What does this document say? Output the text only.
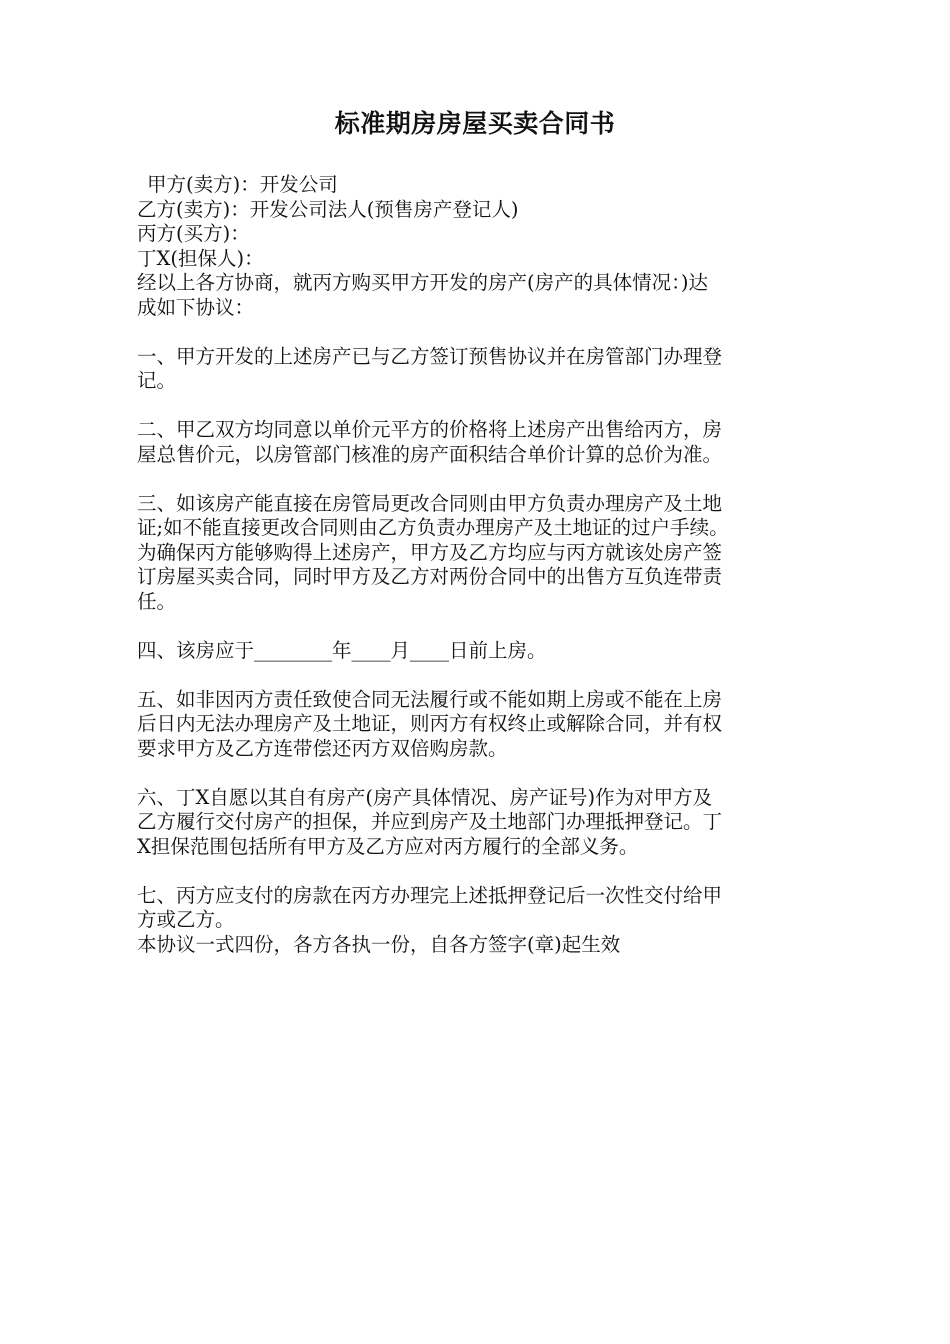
标准期房房屋买卖合同书
甲方(卖方)：开发公司
乙方(卖方)：开发公司法人(预售房产登记人)
丙方(买方)：
丁X(担保人)：
经以上各方协商，就丙方购买甲方开发的房产(房产的具体情况：)达
成如下协议：
一、甲方开发的上述房产已与乙方签订预售协议并在房管部门办理登
记。
二、甲乙双方均同意以单价元平方的价格将上述房产出售给丙方，房
屋总售价元，以房管部门核准的房产面积结合单价计算的总价为准。
三、如该房产能直接在房管局更改合同则由甲方负责办理房产及土地
证;如不能直接更改合同则由乙方负责办理房产及土地证的过户手续。
为确保丙方能够购得上述房产，甲方及乙方均应与丙方就该处房产签
订房屋买卖合同，同时甲方及乙方对两份合同中的出售方互负连带责
任。
四、该房应于________年____月____日前上房。
五、如非因丙方责任致使合同无法履行或不能如期上房或不能在上房
后日内无法办理房产及土地证，则丙方有权终止或解除合同，并有权
要求甲方及乙方连带偿还丙方双倍购房款。
六、丁X自愿以其自有房产(房产具体情况、房产证号)作为对甲方及
乙方履行交付房产的担保，并应到房产及土地部门办理抵押登记。丁
X担保范围包括所有甲方及乙方应对丙方履行的全部义务。
七、丙方应支付的房款在丙方办理完上述抵押登记后一次性交付给甲
方或乙方。
本协议一式四份，各方各执一份，自各方签字(章)起生效
